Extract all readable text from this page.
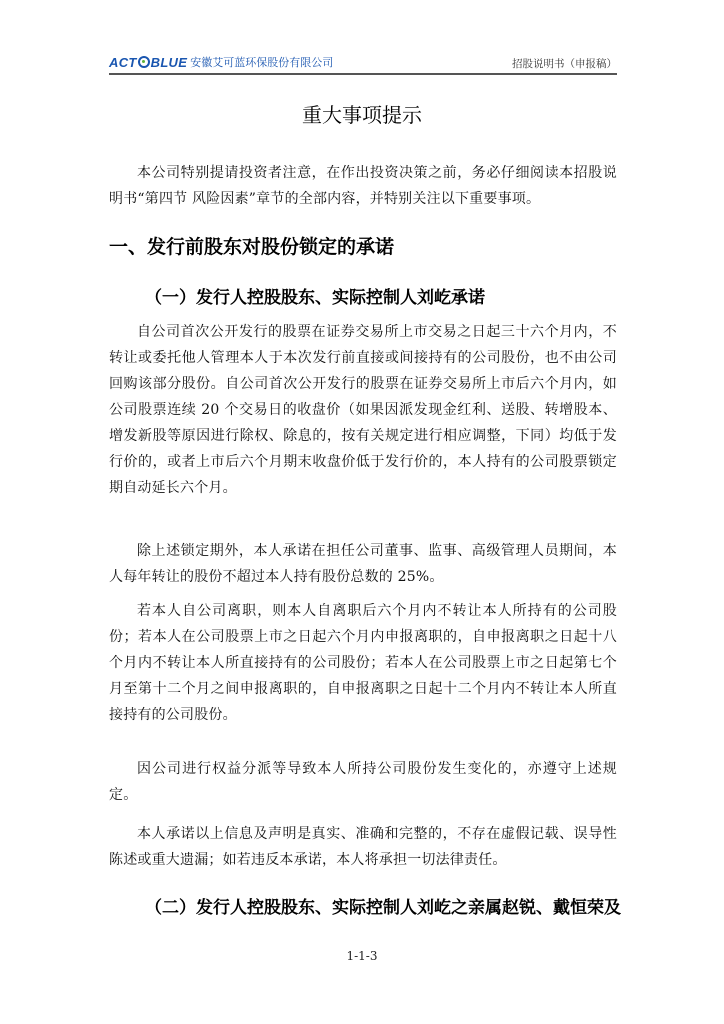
ACT BLUE 安徽艾可蓝环保股份有限公司	招股说明书（申报稿）
重大事项提示

本公司特别提请投资者注意，在作出投资决策之前，务必仔细阅读本招股说明书“第四节 风险因素”章节的全部内容，并特别关注以下重要事项。

一、发行前股东对股份锁定的承诺
（一）发行人控股股东、实际控制人刘屹承诺

自公司首次公开发行的股票在证券交易所上市交易之日起三十六个月内，不转让或委托他人管理本人于本次发行前直接或间接持有的公司股份，也不由公司回购该部分股份。自公司首次公开发行的股票在证券交易所上市后六个月内，如公司股票连续 20 个交易日的收盘价（如果因派发现金红利、送股、转增股本、增发新股等原因进行除权、除息的，按有关规定进行相应调整，下同）均低于发行价的，或者上市后六个月期末收盘价低于发行价的，本人持有的公司股票锁定期自动延长六个月。

除上述锁定期外，本人承诺在担任公司董事、监事、高级管理人员期间，本人每年转让的股份不超过本人持有股份总数的 25%。

若本人自公司离职，则本人自离职后六个月内不转让本人所持有的公司股份；若本人在公司股票上市之日起六个月内申报离职的，自申报离职之日起十八个月内不转让本人所直接持有的公司股份；若本人在公司股票上市之日起第七个月至第十二个月之间申报离职的，自申报离职之日起十二个月内不转让本人所直接持有的公司股份。

因公司进行权益分派等导致本人所持公司股份发生变化的，亦遵守上述规定。

本人承诺以上信息及声明是真实、准确和完整的，不存在虚假记载、误导性陈述或重大遗漏；如若违反本承诺，本人将承担一切法律责任。

（二）发行人控股股东、实际控制人刘屹之亲属赵锐、戴恒荣及
1-1-3
